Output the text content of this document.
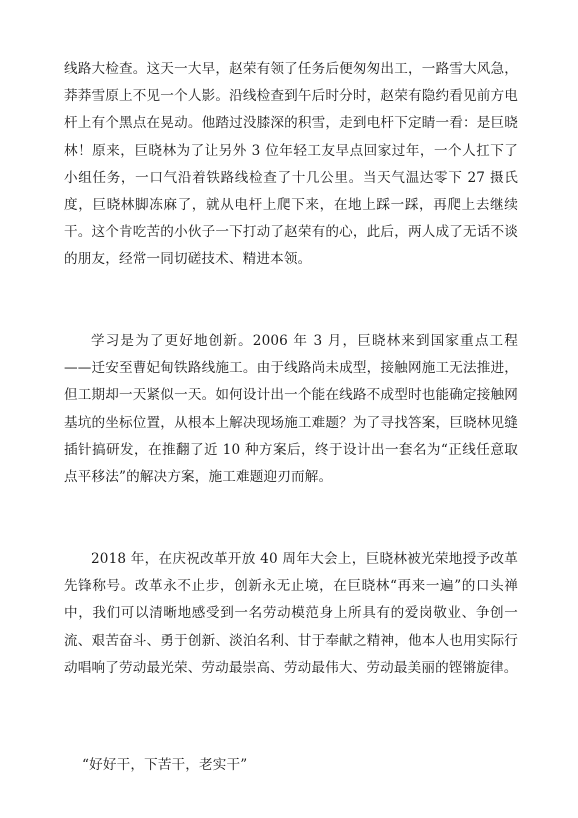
线路大检查。这天一大早，赵荣有领了任务后便匆匆出工，一路雪大风急，莽莽雪原上不见一个人影。沿线检查到午后时分时，赵荣有隐约看见前方电杆上有个黑点在晃动。他踏过没膝深的积雪，走到电杆下定睛一看：是巨晓林！原来，巨晓林为了让另外 3 位年轻工友早点回家过年，一个人扛下了小组任务，一口气沿着铁路线检查了十几公里。当天气温达零下 27 摄氏度，巨晓林脚冻麻了，就从电杆上爬下来，在地上踩一踩，再爬上去继续干。这个肯吃苦的小伙子一下打动了赵荣有的心，此后，两人成了无话不谈的朋友，经常一同切磋技术、精进本领。

学习是为了更好地创新。2006 年 3 月，巨晓林来到国家重点工程——迁安至曹妃甸铁路线施工。由于线路尚未成型，接触网施工无法推进，但工期却一天紧似一天。如何设计出一个能在线路不成型时也能确定接触网基坑的坐标位置，从根本上解决现场施工难题？为了寻找答案，巨晓林见缝插针搞研发，在推翻了近 10 种方案后，终于设计出一套名为“正线任意取点平移法”的解决方案，施工难题迎刃而解。

2018 年，在庆祝改革开放 40 周年大会上，巨晓林被光荣地授予改革先锋称号。改革永不止步，创新永无止境，在巨晓林“再来一遍”的口头禅中，我们可以清晰地感受到一名劳动模范身上所具有的爱岗敬业、争创一流、艰苦奋斗、勇于创新、淡泊名利、甘于奉献之精神，他本人也用实际行动唱响了劳动最光荣、劳动最崇高、劳动最伟大、劳动最美丽的铿锵旋律。

“好好干，下苦干，老实干”
